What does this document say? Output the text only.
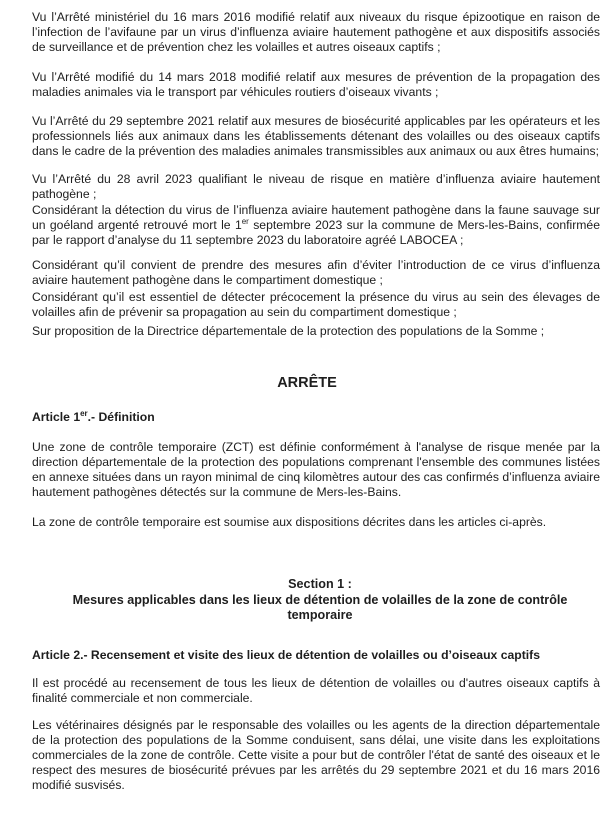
Vu l’Arrêté ministériel du 16 mars 2016 modifié relatif aux niveaux du risque épizootique en raison de l’infection de l’avifaune par un virus d’influenza aviaire hautement pathogène et aux dispositifs associés de surveillance et de prévention chez les volailles et autres oiseaux captifs ;

Vu l’Arrêté modifié du 14 mars 2018 modifié relatif aux mesures de prévention de la propagation des maladies animales via le transport par véhicules routiers d’oiseaux vivants ;

Vu l’Arrêté du 29 septembre 2021 relatif aux mesures de biosécurité applicables par les opérateurs et les professionnels liés aux animaux dans les établissements détenant des volailles ou des oiseaux captifs dans le cadre de la prévention des maladies animales transmissibles aux animaux ou aux êtres humains;

Vu l’Arrêté du 28 avril 2023 qualifiant le niveau de risque en matière d’influenza aviaire hautement pathogène ;

Considérant la détection du virus de l’influenza aviaire hautement pathogène dans la faune sauvage sur un goéland argenté retrouvé mort le 1er septembre 2023 sur la commune de Mers-les-Bains, confirmée par le rapport d’analyse du 11 septembre 2023 du laboratoire agréé LABOCEA ;

Considérant qu’il convient de prendre des mesures afin d’éviter l’introduction de ce virus d’influenza aviaire hautement pathogène dans le compartiment domestique ;

Considérant qu’il est essentiel de détecter précocement la présence du virus au sein des élevages de volailles afin de prévenir sa propagation au sein du compartiment domestique ;

Sur proposition de la Directrice départementale de la protection des populations de la Somme ;

ARRÊTE

Article 1er.- Définition

Une zone de contrôle temporaire (ZCT) est définie conformément à l'analyse de risque menée par la direction départementale de la protection des populations comprenant l'ensemble des communes listées en annexe situées dans un rayon minimal de cinq kilomètres autour des cas confirmés d’influenza aviaire hautement pathogènes détectés sur la commune de Mers-les-Bains.

La zone de contrôle temporaire est soumise aux dispositions décrites dans les articles ci-après.

Section 1 :
Mesures applicables dans les lieux de détention de volailles de la zone de contrôle
temporaire

Article 2.- Recensement et visite des lieux de détention de volailles ou d’oiseaux captifs

Il est procédé au recensement de tous les lieux de détention de volailles ou d'autres oiseaux captifs à finalité commerciale et non commerciale.

Les vétérinaires désignés par le responsable des volailles ou les agents de la direction départementale de la protection des populations de la Somme conduisent, sans délai, une visite dans les exploitations commerciales de la zone de contrôle. Cette visite a pour but de contrôler l'état de santé des oiseaux et le respect des mesures de biosécurité prévues par les arrêtés du 29 septembre 2021 et du 16 mars 2016 modifié susvisés.
